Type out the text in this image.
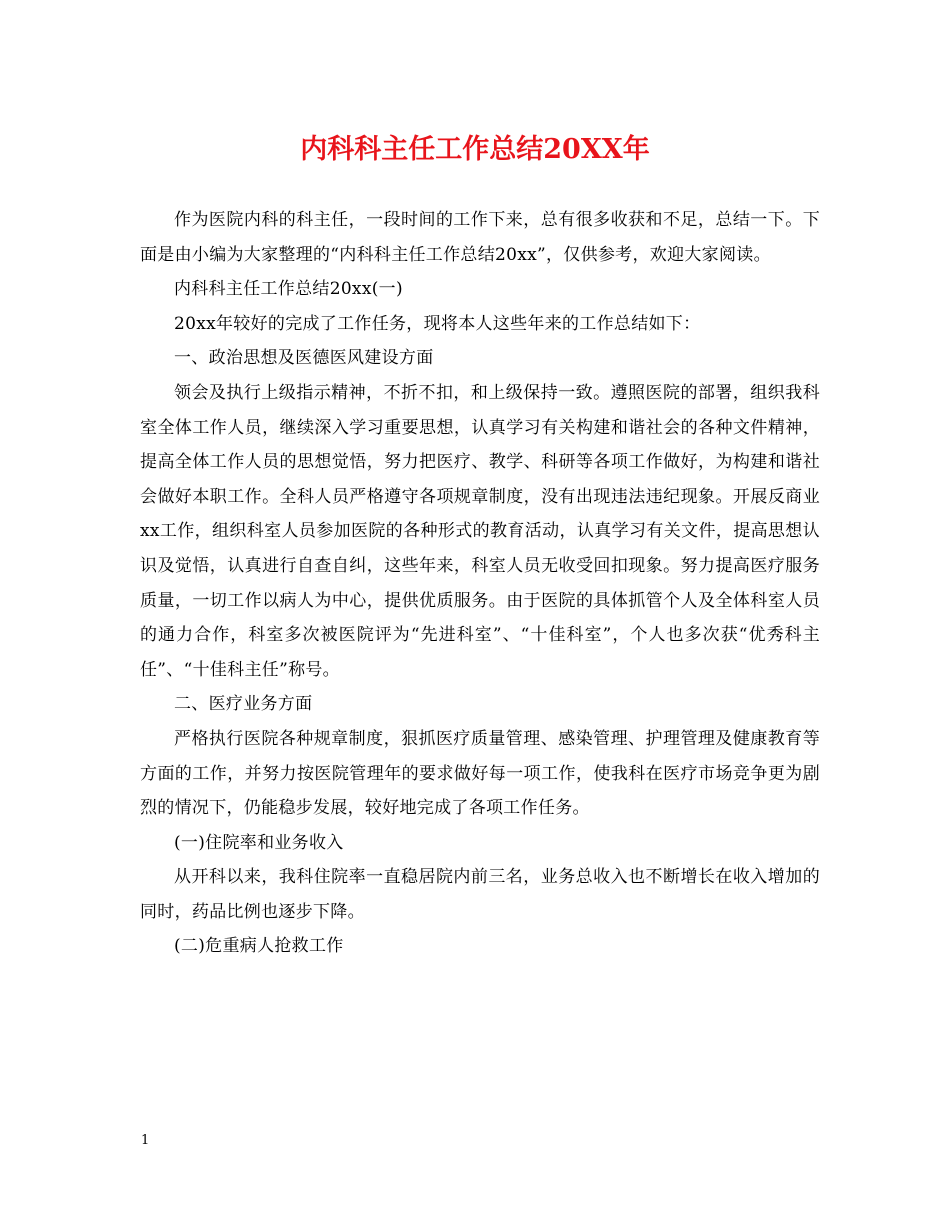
内科科主任工作总结20XX年

作为医院内科的科主任，一段时间的工作下来，总有很多收获和不足，总结一下。下面是由小编为大家整理的“内科科主任工作总结20xx”，仅供参考，欢迎大家阅读。

内科科主任工作总结20xx(一)

20xx年较好的完成了工作任务，现将本人这些年来的工作总结如下：

一、政治思想及医德医风建设方面

领会及执行上级指示精神，不折不扣，和上级保持一致。遵照医院的部署，组织我科室全体工作人员，继续深入学习重要思想，认真学习有关构建和谐社会的各种文件精神，提高全体工作人员的思想觉悟，努力把医疗、教学、科研等各项工作做好，为构建和谐社会做好本职工作。全科人员严格遵守各项规章制度，没有出现违法违纪现象。开展反商业xx工作，组织科室人员参加医院的各种形式的教育活动，认真学习有关文件，提高思想认识及觉悟，认真进行自查自纠，这些年来，科室人员无收受回扣现象。努力提高医疗服务质量，一切工作以病人为中心，提供优质服务。由于医院的具体抓管个人及全体科室人员的通力合作，科室多次被医院评为“先进科室”、“十佳科室”，个人也多次获“优秀科主任”、“十佳科主任”称号。

二、医疗业务方面

严格执行医院各种规章制度，狠抓医疗质量管理、感染管理、护理管理及健康教育等方面的工作，并努力按医院管理年的要求做好每一项工作，使我科在医疗市场竞争更为剧烈的情况下，仍能稳步发展，较好地完成了各项工作任务。

(一)住院率和业务收入

从开科以来，我科住院率一直稳居院内前三名，业务总收入也不断增长在收入增加的同时，药品比例也逐步下降。

(二)危重病人抢救工作

1
